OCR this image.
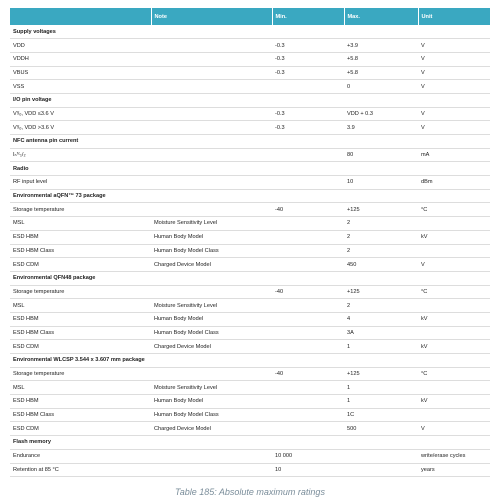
	Note	Min.	Max.	Unit
Supply voltages				
VDD		-0.3	+3.9	V
VDDH		-0.3	+5.8	V
VBUS		-0.3	+5.8	V
VSS			0	V
I/O pin voltage				
Vᴵ/ₒ, VDD ≤3.6 V		-0.3	VDD + 0.3	V
Vᴵ/ₒ, VDD >3.6 V		-0.3	3.9	V
NFC antenna pin current				
Iₙᶠᶜ₁/₂			80	mA
Radio				
RF input level			10	dBm
Environmental aQFN™ 73 package				
Storage temperature		-40	+125	°C
MSL	Moisture Sensitivity Level		2	
ESD HBM	Human Body Model		2	kV
ESD HBM Class	Human Body Model Class		2	
ESD CDM	Charged Device Model		450	V
Environmental QFN48 package				
Storage temperature		-40	+125	°C
MSL	Moisture Sensitivity Level		2	
ESD HBM	Human Body Model		4	kV
ESD HBM Class	Human Body Model Class		3A	
ESD CDM	Charged Device Model		1	kV
Environmental WLCSP 3.544 x 3.607 mm package				
Storage temperature		-40	+125	°C
MSL	Moisture Sensitivity Level		1	
ESD HBM	Human Body Model		1	kV
ESD HBM Class	Human Body Model Class		1C	
ESD CDM	Charged Device Model		500	V
Flash memory				
Endurance		10 000		write/erase cycles
Retention at 85 °C		10		years
Table 185: Absolute maximum ratings
